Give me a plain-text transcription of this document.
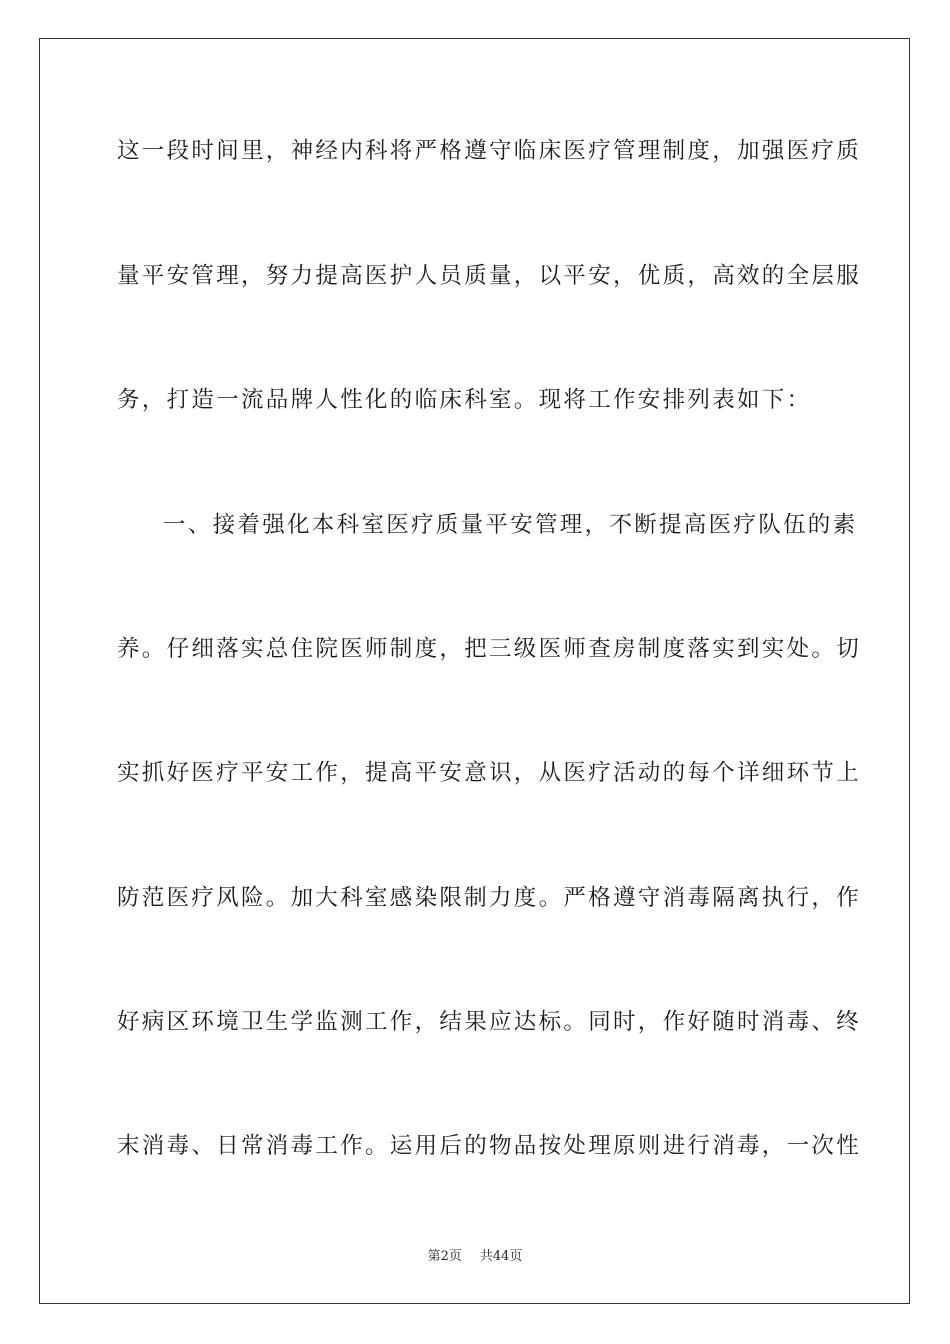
这一段时间里，神经内科将严格遵守临床医疗管理制度，加强医疗质
量平安管理，努力提高医护人员质量，以平安，优质，高效的全层服
务，打造一流品牌人性化的临床科室。现将工作安排列表如下：
一、接着强化本科室医疗质量平安管理，不断提高医疗队伍的素
养。仔细落实总住院医师制度，把三级医师查房制度落实到实处。切
实抓好医疗平安工作，提高平安意识，从医疗活动的每个详细环节上
防范医疗风险。加大科室感染限制力度。严格遵守消毒隔离执行，作
好病区环境卫生学监测工作，结果应达标。同时，作好随时消毒、终
末消毒、日常消毒工作。运用后的物品按处理原则进行消毒，一次性
第2页 共44页
